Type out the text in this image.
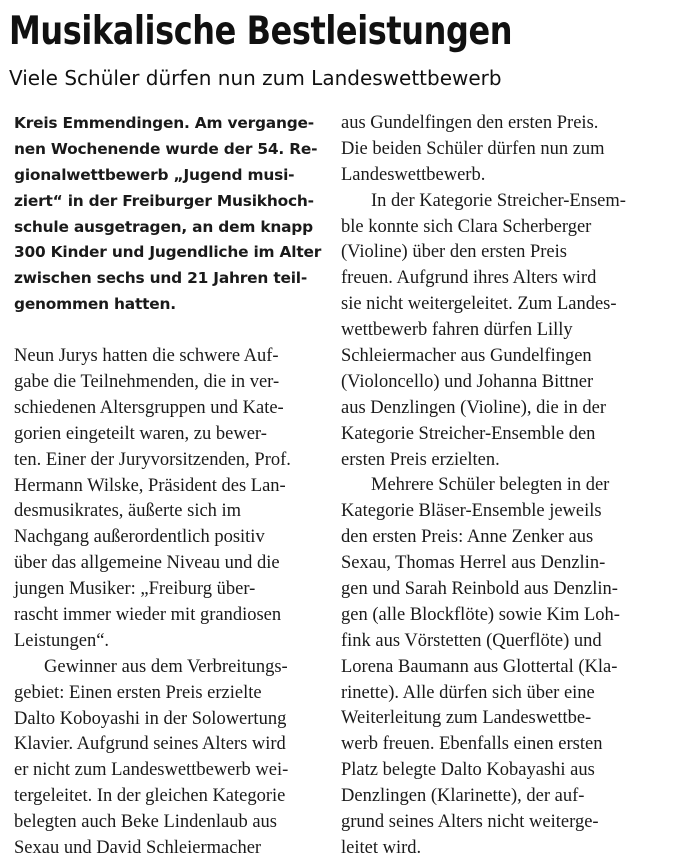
Musikalische Bestleistungen
Viele Schüler dürfen nun zum Landeswettbewerb
Kreis Emmendingen. Am vergange-
nen Wochenende wurde der 54. Re-
gionalwettbewerb „Jugend musi-
ziert“ in der Freiburger Musikhoch-
schule ausgetragen, an dem knapp
300 Kinder und Jugendliche im Alter
zwischen sechs und 21 Jahren teil-
genommen hatten.
Neun Jurys hatten die schwere Auf-
gabe die Teilnehmenden, die in ver-
schiedenen Altersgruppen und Kate-
gorien eingeteilt waren, zu bewer-
ten. Einer der Juryvorsitzenden, Prof.
Hermann Wilske, Präsident des Lan-
desmusikrates, äußerte sich im
Nachgang außerordentlich positiv
über das allgemeine Niveau und die
jungen Musiker: „Freiburg über-
rascht immer wieder mit grandiosen
Leistungen“.
Gewinner aus dem Verbreitungs-
gebiet: Einen ersten Preis erzielte
Dalto Koboyashi in der Solowertung
Klavier. Aufgrund seines Alters wird
er nicht zum Landeswettbewerb wei-
tergeleitet. In der gleichen Kategorie
belegten auch Beke Lindenlaub aus
Sexau und David Schleiermacher
aus Gundelfingen den ersten Preis.
Die beiden Schüler dürfen nun zum
Landeswettbewerb.
In der Kategorie Streicher-Ensem-
ble konnte sich Clara Scherberger
(Violine) über den ersten Preis
freuen. Aufgrund ihres Alters wird
sie nicht weitergeleitet. Zum Landes-
wettbewerb fahren dürfen Lilly
Schleiermacher aus Gundelfingen
(Violoncello) und Johanna Bittner
aus Denzlingen (Violine), die in der
Kategorie Streicher-Ensemble den
ersten Preis erzielten.
Mehrere Schüler belegten in der
Kategorie Bläser-Ensemble jeweils
den ersten Preis: Anne Zenker aus
Sexau, Thomas Herrel aus Denzlin-
gen und Sarah Reinbold aus Denzlin-
gen (alle Blockflöte) sowie Kim Loh-
fink aus Vörstetten (Querflöte) und
Lorena Baumann aus Glottertal (Kla-
rinette). Alle dürfen sich über eine
Weiterleitung zum Landeswettbe-
werb freuen. Ebenfalls einen ersten
Platz belegte Dalto Kobayashi aus
Denzlingen (Klarinette), der auf-
grund seines Alters nicht weiterge-
leitet wird.
